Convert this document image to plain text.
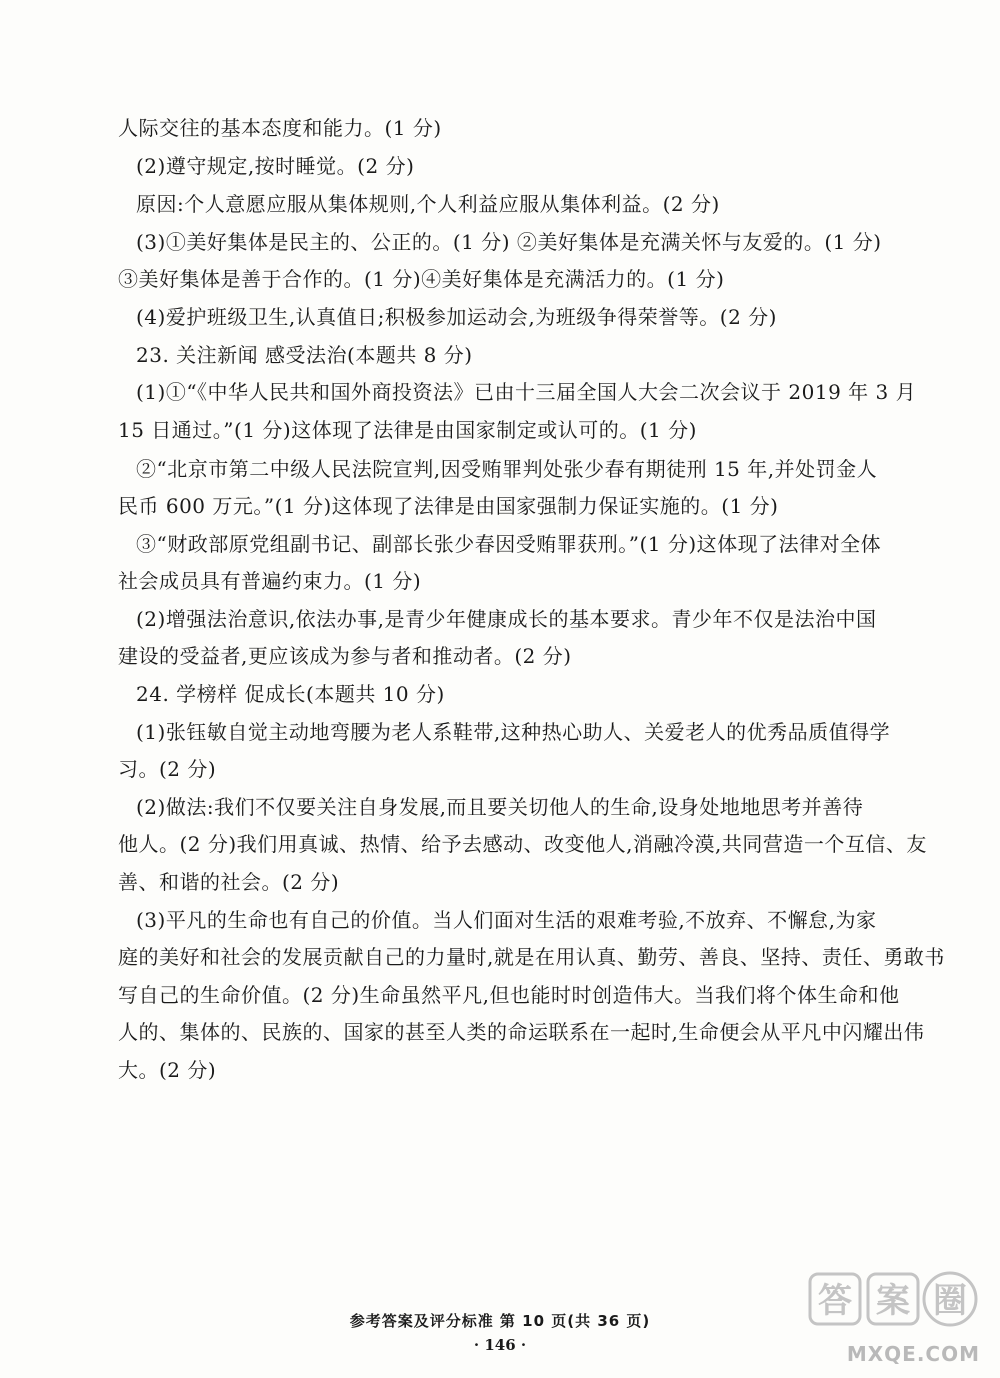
人际交往的基本态度和能力。(1 分)
(2)遵守规定,按时睡觉。(2 分)
原因:个人意愿应服从集体规则,个人利益应服从集体利益。(2 分)
(3)①美好集体是民主的、公正的。(1 分) ②美好集体是充满关怀与友爱的。(1 分)
③美好集体是善于合作的。(1 分)④美好集体是充满活力的。(1 分)
(4)爱护班级卫生,认真值日;积极参加运动会,为班级争得荣誉等。(2 分)
23. 关注新闻 感受法治(本题共 8 分)
(1)①“《中华人民共和国外商投资法》已由十三届全国人大会二次会议于 2019 年 3 月
15 日通过。”(1 分)这体现了法律是由国家制定或认可的。(1 分)
②“北京市第二中级人民法院宣判,因受贿罪判处张少春有期徒刑 15 年,并处罚金人
民币 600 万元。”(1 分)这体现了法律是由国家强制力保证实施的。(1 分)
③“财政部原党组副书记、副部长张少春因受贿罪获刑。”(1 分)这体现了法律对全体
社会成员具有普遍约束力。(1 分)
(2)增强法治意识,依法办事,是青少年健康成长的基本要求。青少年不仅是法治中国
建设的受益者,更应该成为参与者和推动者。(2 分)
24. 学榜样 促成长(本题共 10 分)
(1)张钰敏自觉主动地弯腰为老人系鞋带,这种热心助人、关爱老人的优秀品质值得学
习。(2 分)
(2)做法:我们不仅要关注自身发展,而且要关切他人的生命,设身处地地思考并善待
他人。(2 分)我们用真诚、热情、给予去感动、改变他人,消融冷漠,共同营造一个互信、友
善、和谐的社会。(2 分)
(3)平凡的生命也有自己的价值。当人们面对生活的艰难考验,不放弃、不懈怠,为家
庭的美好和社会的发展贡献自己的力量时,就是在用认真、勤劳、善良、坚持、责任、勇敢书
写自己的生命价值。(2 分)生命虽然平凡,但也能时时创造伟大。当我们将个体生命和他
人的、集体的、民族的、国家的甚至人类的命运联系在一起时,生命便会从平凡中闪耀出伟
大。(2 分)
参考答案及评分标准 第 10 页(共 36 页)
· 146 ·
答 案 圈
MXQE.COM
